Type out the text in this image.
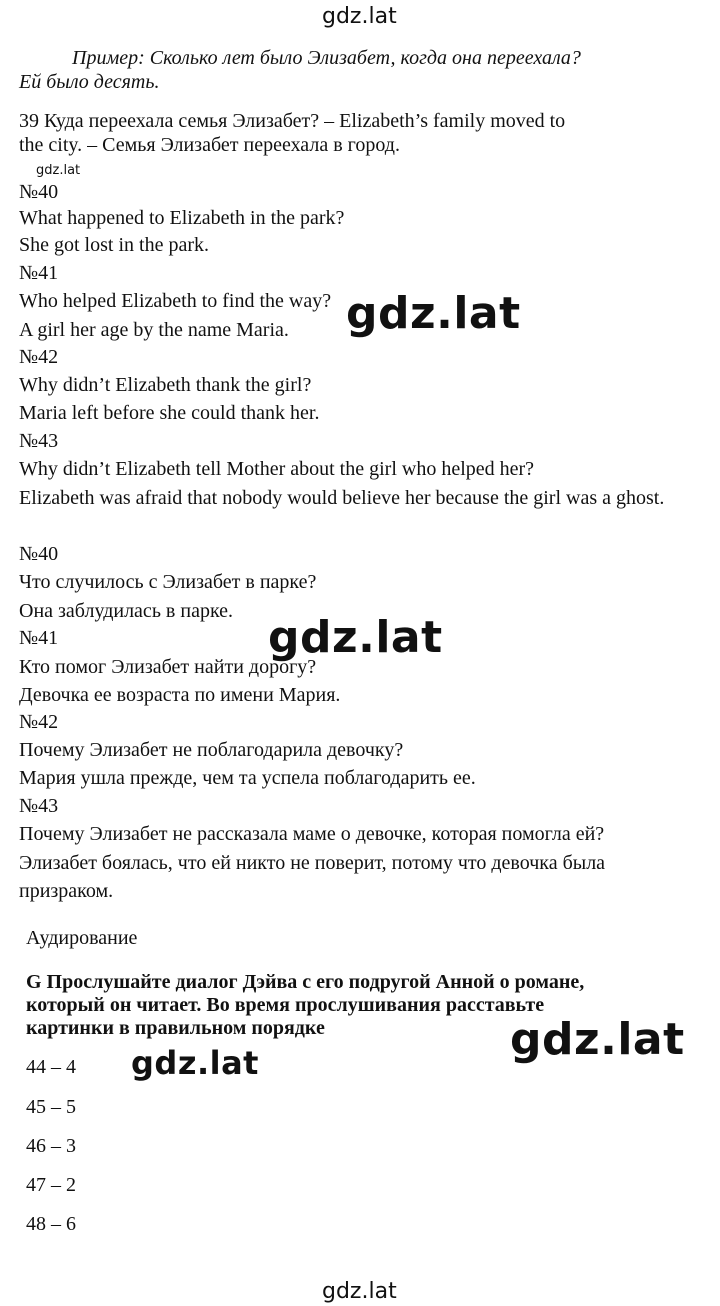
gdz.lat
gdz.lat
gdz.lat
gdz.lat
gdz.lat	gdz.lat
gdz.lat
Пример: Сколько лет было Элизабет, когда она переехала?
Ей было десять.
39 Куда переехала семья Элизабет? – Elizabeth’s family moved to
the city. – Семья Элизабет переехала в город.
№40
What happened to Elizabeth in the park?
She got lost in the park.
№41
Who helped Elizabeth to find the way?
A girl her age by the name Maria.
№42
Why didn’t Elizabeth thank the girl?
Maria left before she could thank her.
№43
Why didn’t Elizabeth tell Mother about the girl who helped her?
Elizabeth was afraid that nobody would believe her because the girl was a ghost.
№40
Что случилось с Элизабет в парке?
Она заблудилась в парке.
№41
Кто помог Элизабет найти дорогу?
Девочка ее возраста по имени Мария.
№42
Почему Элизабет не поблагодарила девочку?
Мария ушла прежде, чем та успела поблагодарить ее.
№43
Почему Элизабет не рассказала маме о девочке, которая помогла ей?
Элизабет боялась, что ей никто не поверит, потому что девочка была
призраком.
Аудирование
G Прослушайте диалог Дэйва с его подругой Анной о романе,
который он читает. Во время прослушивания расставьте
картинки в правильном порядке
44 – 4
45 – 5
46 – 3
47 – 2
48 – 6
